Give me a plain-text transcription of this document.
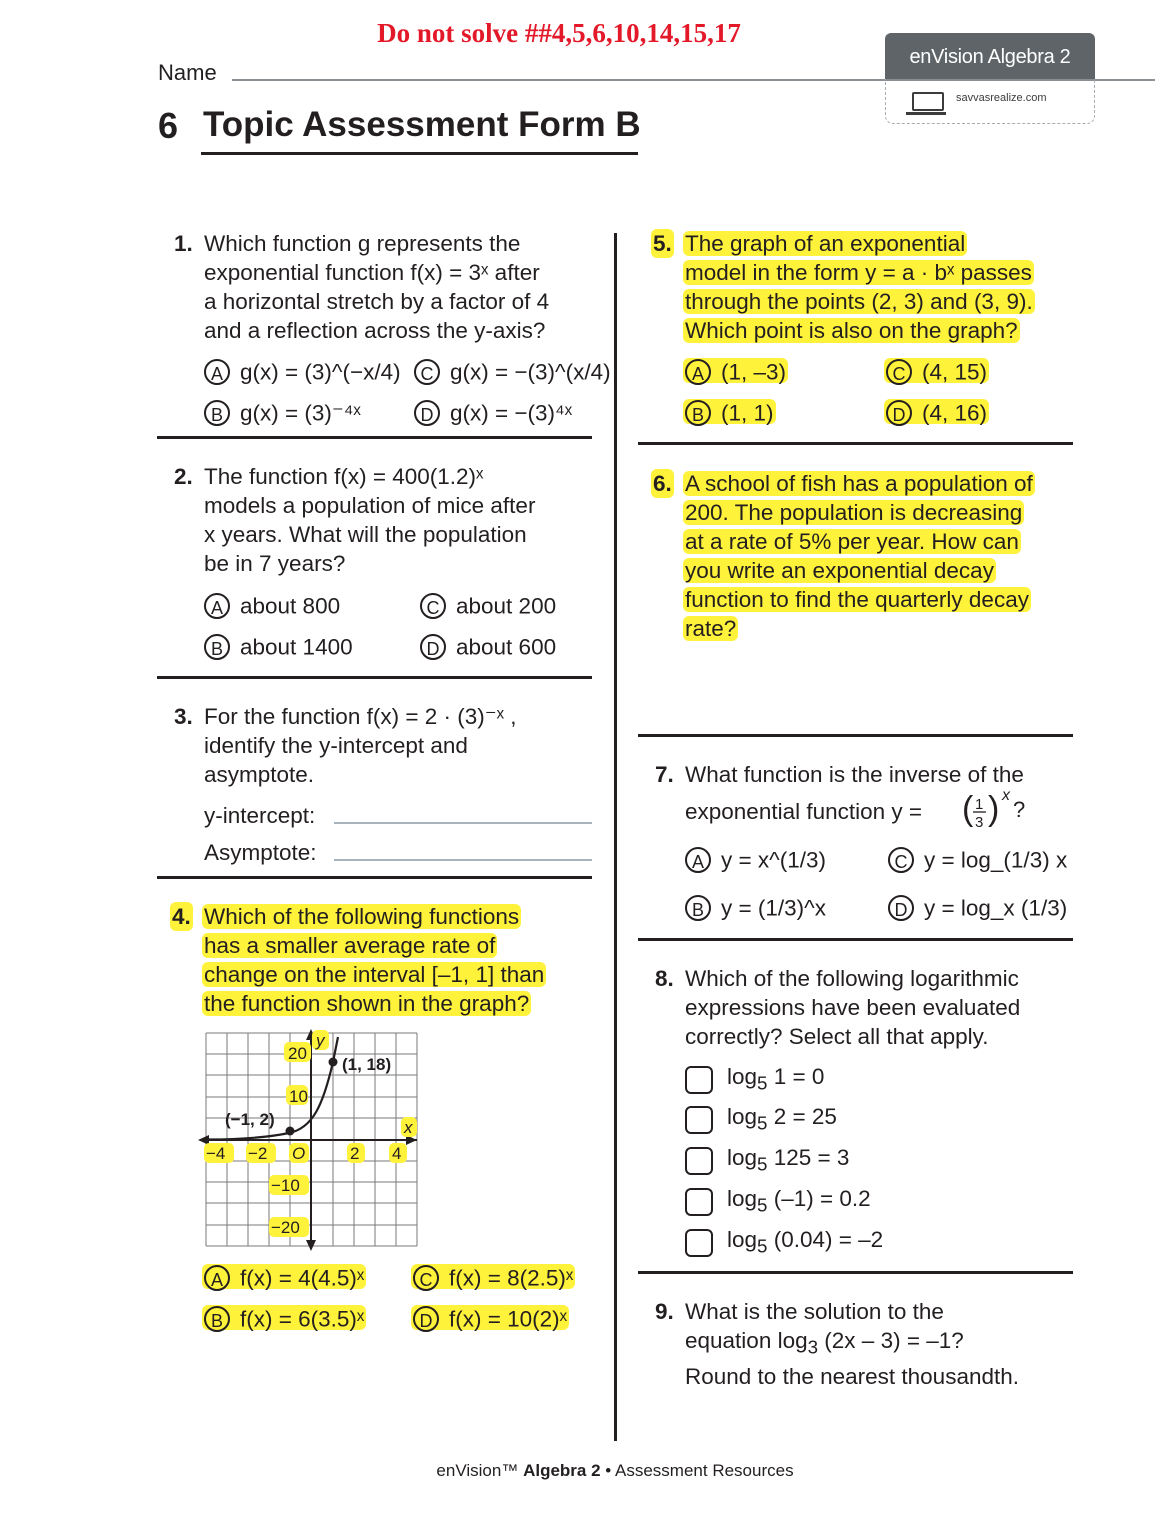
Do not solve ##4,5,6,10,14,15,17
Name
enVision Algebra 2
savvasrealize.com
6 Topic Assessment Form B
1. Which function g represents the
exponential function f(x) = 3ˣ after
a horizontal stretch by a factor of 4
and a reflection across the y-axis?
A g(x) = (3)^(−x/4)	C g(x) = −(3)^(x/4)
B g(x) = (3)⁻⁴ˣ	D g(x) = −(3)⁴ˣ
2. The function f(x) = 400(1.2)ˣ
models a population of mice after
x years. What will the population
be in 7 years?
A about 800	C about 200
B about 1400	D about 600
3. For the function f(x) = 2 · (3)⁻ˣ ,
identify the y-intercept and
asymptote.
y-intercept:
Asymptote:
4. Which of the following functions
has a smaller average rate of
change on the interval [–1, 1] than
the function shown in the graph?
20
y
10
x
−4 −2 O	2 4
−10
−20
(−1, 2)
(1, 18)
A f(x) = 4(4.5)ˣ	C f(x) = 8(2.5)ˣ
B f(x) = 6(3.5)ˣ	D f(x) = 10(2)ˣ
5. The graph of an exponential
model in the form y = a · bˣ passes
through the points (2, 3) and (3, 9).
Which point is also on the graph?
A (1, –3)	C (4, 15)
B (1, 1)	D (4, 16)
6. A school of fish has a population of
200. The population is decreasing
at a rate of 5% per year. How can
you write an exponential decay
function to find the quarterly decay
rate?
7. What function is the inverse of the
exponential function y = ( 1
3 ) x
?
A y = x^(1/3)	C y = log_(1/3) x
B y = (1/3)^x	D y = log_x (1/3)
8. Which of the following logarithmic
expressions have been evaluated
correctly? Select all that apply.
$\log_5 1 = 0$
$\log_5 2 = 25$
$\log_5 125 = 3$
$\log_5 (-1) = 0.2$
$\log_5 (0.04) = -2$
9. What is the solution to the
equation $\log_3 (2x - 3) = -1$?
Round to the nearest thousandth.
enVision™ Algebra 2 • Assessment Resources
